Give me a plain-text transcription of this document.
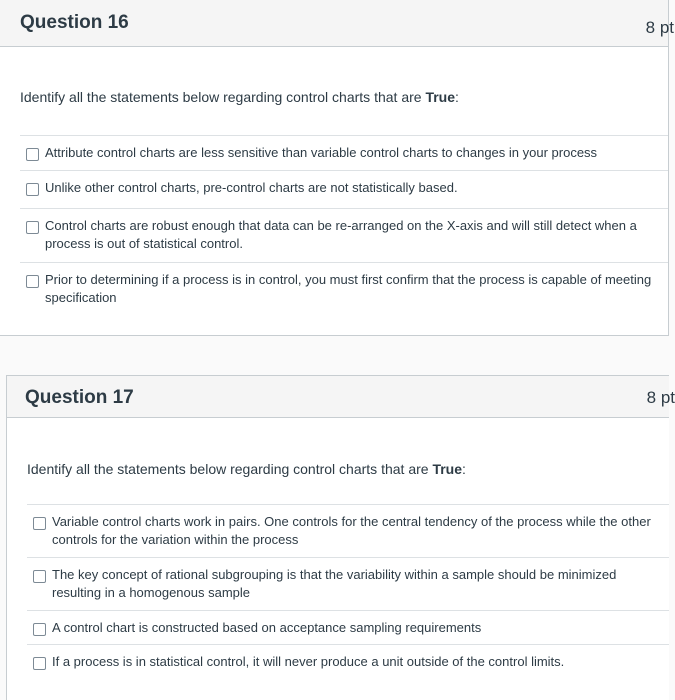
Question 16	8 pt
Identify all the statements below regarding control charts that are True:
Attribute control charts are less sensitive than variable control charts to changes in your process
Unlike other control charts, pre-control charts are not statistically based.
Control charts are robust enough that data can be re-arranged on the X-axis and will still detect when a process is out of statistical control.
Prior to determining if a process is in control, you must first confirm that the process is capable of meeting specification
Question 17	8 pt
Identify all the statements below regarding control charts that are True:
Variable control charts work in pairs. One controls for the central tendency of the process while the other controls for the variation within the process
The key concept of rational subgrouping is that the variability within a sample should be minimized resulting in a homogenous sample
A control chart is constructed based on acceptance sampling requirements
If a process is in statistical control, it will never produce a unit outside of the control limits.
